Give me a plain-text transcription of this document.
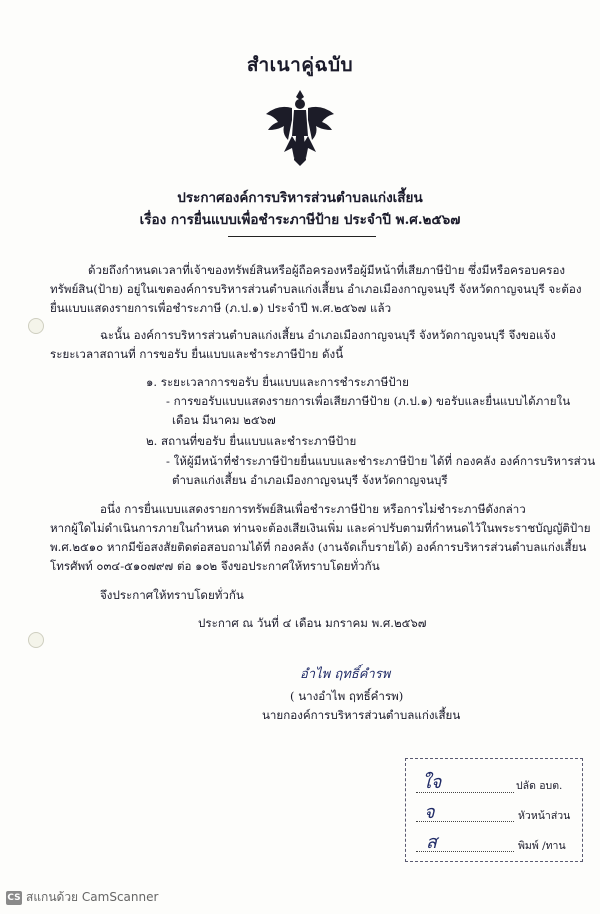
สำเนาคู่ฉบับ
ประกาศองค์การบริหารส่วนตำบลแก่งเสี้ยน
เรื่อง การยื่นแบบเพื่อชำระภาษีป้าย ประจำปี พ.ศ.๒๕๖๗
ด้วยถึงกำหนดเวลาที่เจ้าของทรัพย์สินหรือผู้ถือครองหรือผู้มีหน้าที่เสียภาษีป้าย ซึ่งมีหรือครอบครอง
ทรัพย์สิน(ป้าย) อยู่ในเขตองค์การบริหารส่วนตำบลแก่งเสี้ยน อำเภอเมืองกาญจนบุรี จังหวัดกาญจนบุรี จะต้อง
ยื่นแบบแสดงรายการเพื่อชำระภาษี (ภ.ป.๑) ประจำปี พ.ศ.๒๕๖๗ แล้ว
ฉะนั้น องค์การบริหารส่วนตำบลแก่งเสี้ยน อำเภอเมืองกาญจนบุรี จังหวัดกาญจนบุรี จึงขอแจ้ง
ระยะเวลาสถานที่ การขอรับ ยื่นแบบและชำระภาษีป้าย ดังนี้
๑. ระยะเวลาการขอรับ ยื่นแบบและการชำระภาษีป้าย
- การขอรับแบบแสดงรายการเพื่อเสียภาษีป้าย (ภ.ป.๑) ขอรับและยื่นแบบได้ภายใน
เดือน มีนาคม ๒๕๖๗
๒. สถานที่ขอรับ ยื่นแบบและชำระภาษีป้าย
- ให้ผู้มีหน้าที่ชำระภาษีป้ายยื่นแบบและชำระภาษีป้าย ได้ที่ กองคลัง องค์การบริหารส่วน
ตำบลแก่งเสี้ยน อำเภอเมืองกาญจนบุรี จังหวัดกาญจนบุรี
อนึ่ง การยื่นแบบแสดงรายการทรัพย์สินเพื่อชำระภาษีป้าย หรือการไม่ชำระภาษีดังกล่าว
หากผู้ใดไม่ดำเนินการภายในกำหนด ท่านจะต้องเสียเงินเพิ่ม และค่าปรับตามที่กำหนดไว้ในพระราชบัญญัติป้าย
พ.ศ.๒๕๑๐ หากมีข้อสงสัยติดต่อสอบถามได้ที่ กองคลัง (งานจัดเก็บรายได้) องค์การบริหารส่วนตำบลแก่งเสี้ยน
โทรศัพท์ ๐๓๔-๕๑๐๗๙๗ ต่อ ๑๐๒ จึงขอประกาศให้ทราบโดยทั่วกัน
จึงประกาศให้ทราบโดยทั่วกัน
ประกาศ ณ วันที่ ๔ เดือน มกราคม พ.ศ.๒๕๖๗
อำไพ ฤทธิ์คำรพ
( นางอำไพ ฤทธิ์คำรพ)
นายกองค์การบริหารส่วนตำบลแก่งเสี้ยน
ใจ	ปลัด อบต.
จ	หัวหน้าส่วน
ส	พิมพ์ /ทาน
CS สแกนด้วย CamScanner
